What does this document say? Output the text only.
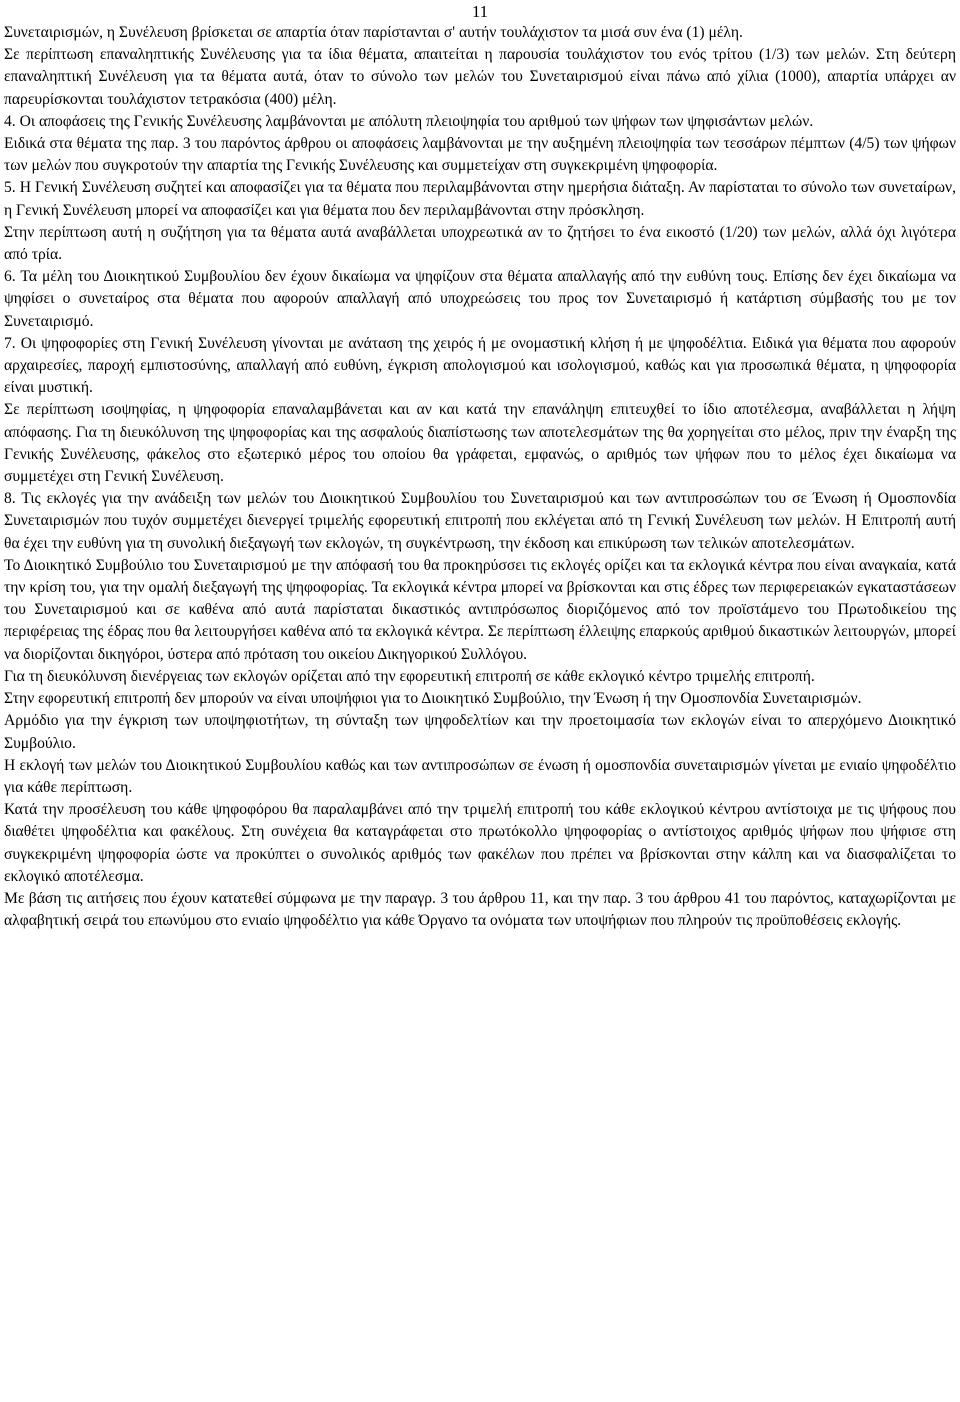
11

Συνεταιρισμών, η Συνέλευση βρίσκεται σε απαρτία όταν παρίστανται σ' αυτήν τουλάχιστον τα μισά συν ένα (1) μέλη.

Σε περίπτωση επαναληπτικής Συνέλευσης για τα ίδια θέματα, απαιτείται η παρουσία τουλάχιστον του ενός τρίτου (1/3) των μελών. Στη δεύτερη επαναληπτική Συνέλευση για τα θέματα αυτά, όταν το σύνολο των μελών του Συνεταιρισμού είναι πάνω από χίλια (1000), απαρτία υπάρχει αν παρευρίσκονται τουλάχιστον τετρακόσια (400) μέλη.

4. Οι αποφάσεις της Γενικής Συνέλευσης λαμβάνονται με απόλυτη πλειοψηφία του αριθμού των ψήφων των ψηφισάντων μελών.

Ειδικά στα θέματα της παρ. 3 του παρόντος άρθρου οι αποφάσεις λαμβάνονται με την αυξημένη πλειοψηφία των τεσσάρων πέμπτων (4/5) των ψήφων των μελών που συγκροτούν την απαρτία της Γενικής Συνέλευσης και συμμετείχαν στη συγκεκριμένη ψηφοφορία.

5. Η Γενική Συνέλευση συζητεί και αποφασίζει για τα θέματα που περιλαμβάνονται στην ημερήσια διάταξη. Αν παρίσταται το σύνολο των συνεταίρων, η Γενική Συνέλευση μπορεί να αποφασίζει και για θέματα που δεν περιλαμβάνονται στην πρόσκληση.

Στην περίπτωση αυτή η συζήτηση για τα θέματα αυτά αναβάλλεται υποχρεωτικά αν το ζητήσει το ένα εικοστό (1/20) των μελών, αλλά όχι λιγότερα από τρία.

6. Τα μέλη του Διοικητικού Συμβουλίου δεν έχουν δικαίωμα να ψηφίζουν στα θέματα απαλλαγής από την ευθύνη τους. Επίσης δεν έχει δικαίωμα να ψηφίσει ο συνεταίρος στα θέματα που αφορούν απαλλαγή από υποχρεώσεις του προς τον Συνεταιρισμό ή κατάρτιση σύμβασής του με τον Συνεταιρισμό.

7. Οι ψηφοφορίες στη Γενική Συνέλευση γίνονται με ανάταση της χειρός ή με ονομαστική κλήση ή με ψηφοδέλτια. Ειδικά για θέματα που αφορούν αρχαιρεσίες, παροχή εμπιστοσύνης, απαλλαγή από ευθύνη, έγκριση απολογισμού και ισολογισμού, καθώς και για προσωπικά θέματα, η ψηφοφορία είναι μυστική.

Σε περίπτωση ισοψηφίας, η ψηφοφορία επαναλαμβάνεται και αν και κατά την επανάληψη επιτευχθεί το ίδιο αποτέλεσμα, αναβάλλεται η λήψη απόφασης. Για τη διευκόλυνση της ψηφοφορίας και της ασφαλούς διαπίστωσης των αποτελεσμάτων της θα χορηγείται στο μέλος, πριν την έναρξη της Γενικής Συνέλευσης, φάκελος στο εξωτερικό μέρος του οποίου θα γράφεται, εμφανώς, ο αριθμός των ψήφων που το μέλος έχει δικαίωμα να συμμετέχει στη Γενική Συνέλευση.

8. Τις εκλογές για την ανάδειξη των μελών του Διοικητικού Συμβουλίου του Συνεταιρισμού και των αντιπροσώπων του σε Ένωση ή Ομοσπονδία Συνεταιρισμών που τυχόν συμμετέχει διενεργεί τριμελής εφορευτική επιτροπή που εκλέγεται από τη Γενική Συνέλευση των μελών. Η Επιτροπή αυτή θα έχει την ευθύνη για τη συνολική διεξαγωγή των εκλογών, τη συγκέντρωση, την έκδοση και επικύρωση των τελικών αποτελεσμάτων.

Το Διοικητικό Συμβούλιο του Συνεταιρισμού με την απόφασή του θα προκηρύσσει τις εκλογές ορίζει και τα εκλογικά κέντρα που είναι αναγκαία, κατά την κρίση του, για την ομαλή διεξαγωγή της ψηφοφορίας. Τα εκλογικά κέντρα μπορεί να βρίσκονται και στις έδρες των περιφερειακών εγκαταστάσεων του Συνεταιρισμού και σε καθένα από αυτά παρίσταται δικαστικός αντιπρόσωπος διοριζόμενος από τον προϊστάμενο του Πρωτοδικείου της περιφέρειας της έδρας που θα λειτουργήσει καθένα από τα εκλογικά κέντρα. Σε περίπτωση έλλειψης επαρκούς αριθμού δικαστικών λειτουργών, μπορεί να διορίζονται δικηγόροι, ύστερα από πρόταση του οικείου Δικηγορικού Συλλόγου.

Για τη διευκόλυνση διενέργειας των εκλογών ορίζεται από την εφορευτική επιτροπή σε κάθε εκλογικό κέντρο τριμελής επιτροπή.

Στην εφορευτική επιτροπή δεν μπορούν να είναι υποψήφιοι για το Διοικητικό Συμβούλιο, την Ένωση ή την Ομοσπονδία Συνεταιρισμών.

Αρμόδιο για την έγκριση των υποψηφιοτήτων, τη σύνταξη των ψηφοδελτίων και την προετοιμασία των εκλογών είναι το απερχόμενο Διοικητικό Συμβούλιο.

Η εκλογή των μελών του Διοικητικού Συμβουλίου καθώς και των αντιπροσώπων σε ένωση ή ομοσπονδία συνεταιρισμών γίνεται με ενιαίο ψηφοδέλτιο για κάθε περίπτωση.

Κατά την προσέλευση του κάθε ψηφοφόρου θα παραλαμβάνει από την τριμελή επιτροπή του κάθε εκλογικού κέντρου αντίστοιχα με τις ψήφους που διαθέτει ψηφοδέλτια και φακέλους. Στη συνέχεια θα καταγράφεται στο πρωτόκολλο ψηφοφορίας ο αντίστοιχος αριθμός ψήφων που ψήφισε στη συγκεκριμένη ψηφοφορία ώστε να προκύπτει ο συνολικός αριθμός των φακέλων που πρέπει να βρίσκονται στην κάλπη και να διασφαλίζεται το εκλογικό αποτέλεσμα.

Με βάση τις αιτήσεις που έχουν κατατεθεί σύμφωνα με την παραγρ. 3 του άρθρου 11, και την παρ. 3 του άρθρου 41 του παρόντος, καταχωρίζονται με αλφαβητική σειρά του επωνύμου στο ενιαίο ψηφοδέλτιο για κάθε Όργανο τα ονόματα των υποψήφιων που πληρούν τις προϋποθέσεις εκλογής.
